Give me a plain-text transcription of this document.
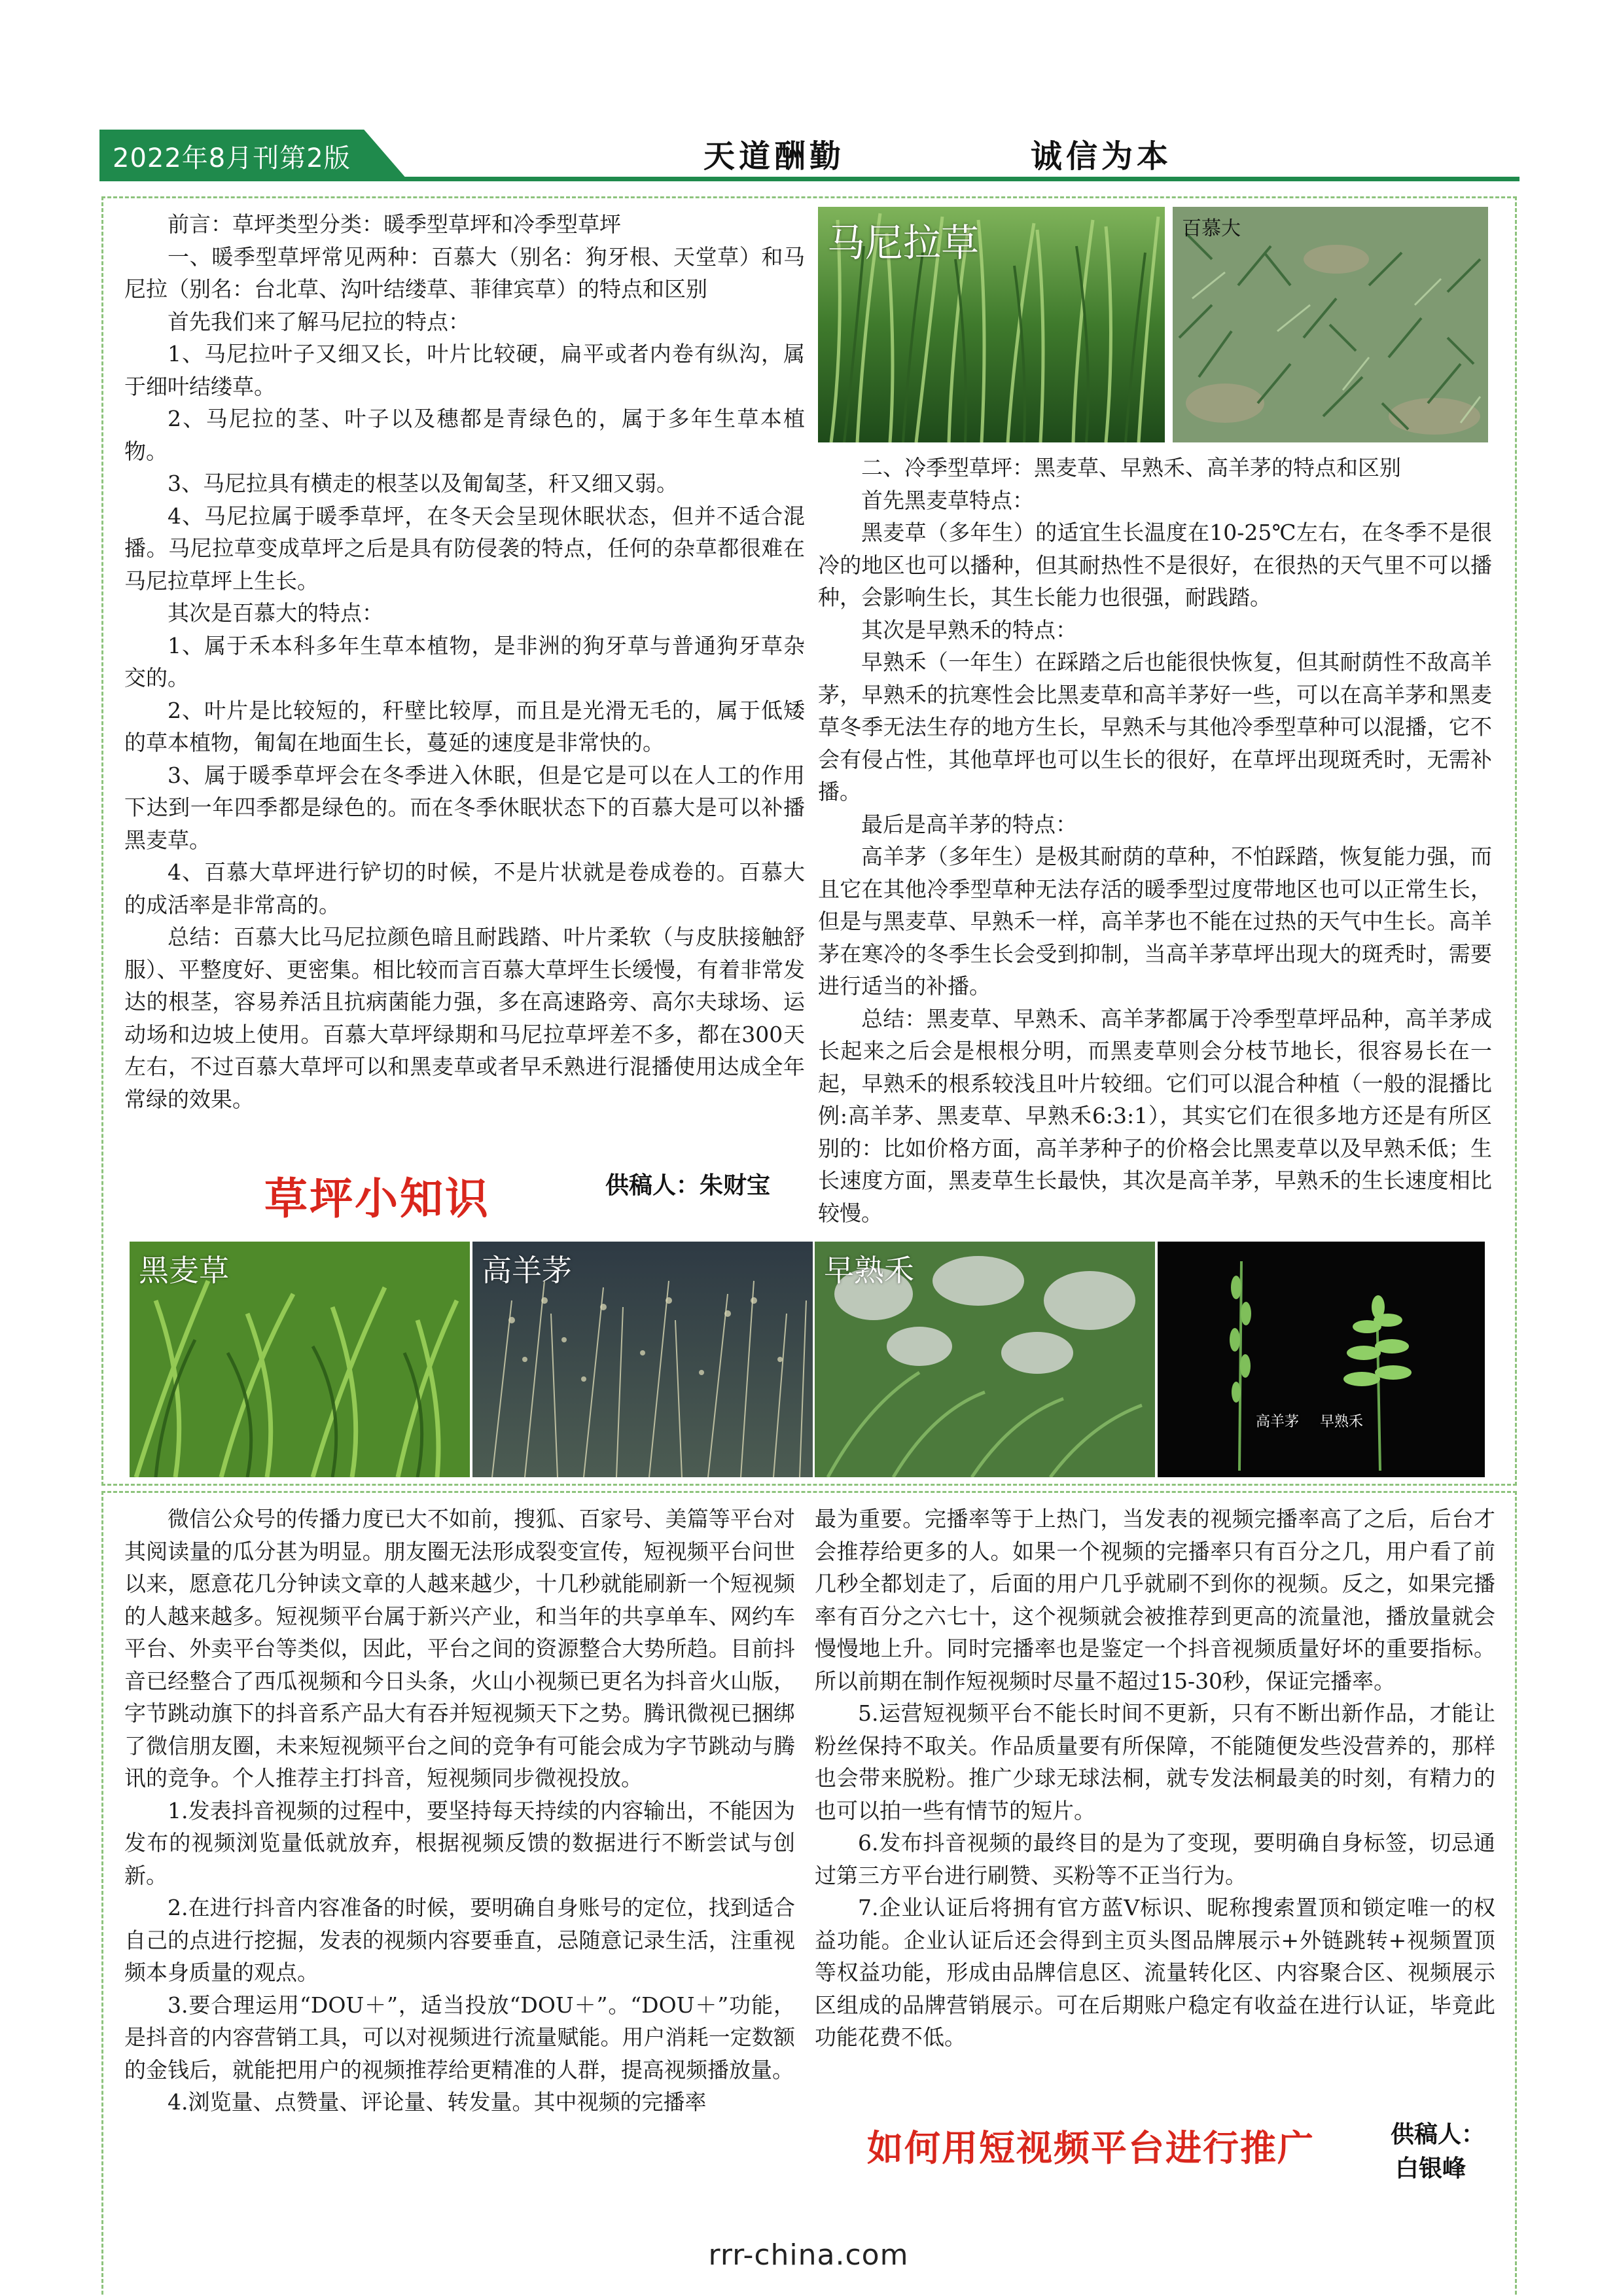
2022年8月刊第2版	天道酬勤	诚信为本

前言：草坪类型分类：暖季型草坪和冷季型草坪

一、暖季型草坪常见两种：百慕大（别名：狗牙根、天堂草）和马尼拉（别名：台北草、沟叶结缕草、菲律宾草）的特点和区别

首先我们来了解马尼拉的特点：

1、马尼拉叶子又细又长，叶片比较硬，扁平或者内卷有纵沟，属于细叶结缕草。

2、马尼拉的茎、叶子以及穗都是青绿色的，属于多年生草本植物。

3、马尼拉具有横走的根茎以及匍匐茎，秆又细又弱。

4、马尼拉属于暖季草坪，在冬天会呈现休眠状态，但并不适合混播。马尼拉草变成草坪之后是具有防侵袭的特点，任何的杂草都很难在马尼拉草坪上生长。

其次是百慕大的特点：

1、属于禾本科多年生草本植物，是非洲的狗牙草与普通狗牙草杂交的。

2、叶片是比较短的，秆壁比较厚，而且是光滑无毛的，属于低矮的草本植物，匍匐在地面生长，蔓延的速度是非常快的。

3、属于暖季草坪会在冬季进入休眠，但是它是可以在人工的作用下达到一年四季都是绿色的。而在冬季休眠状态下的百慕大是可以补播黑麦草。

4、百慕大草坪进行铲切的时候，不是片状就是卷成卷的。百慕大的成活率是非常高的。

总结：百慕大比马尼拉颜色暗且耐践踏、叶片柔软（与皮肤接触舒服）、平整度好、更密集。相比较而言百慕大草坪生长缓慢，有着非常发达的根茎，容易养活且抗病菌能力强，多在高速路旁、高尔夫球场、运动场和边坡上使用。百慕大草坪绿期和马尼拉草坪差不多，都在300天左右，不过百慕大草坪可以和黑麦草或者早禾熟进行混播使用达成全年常绿的效果。

马尼拉草	百慕大

二、冷季型草坪：黑麦草、早熟禾、高羊茅的特点和区别

首先黑麦草特点：

黑麦草（多年生）的适宜生长温度在10-25℃左右，在冬季不是很冷的地区也可以播种，但其耐热性不是很好，在很热的天气里不可以播种，会影响生长，其生长能力也很强，耐践踏。

其次是早熟禾的特点：

早熟禾（一年生）在踩踏之后也能很快恢复，但其耐荫性不敌高羊茅，早熟禾的抗寒性会比黑麦草和高羊茅好一些，可以在高羊茅和黑麦草冬季无法生存的地方生长，早熟禾与其他冷季型草种可以混播，它不会有侵占性，其他草坪也可以生长的很好，在草坪出现斑秃时，无需补播。

最后是高羊茅的特点：

高羊茅（多年生）是极其耐荫的草种，不怕踩踏，恢复能力强，而且它在其他冷季型草种无法存活的暖季型过度带地区也可以正常生长，但是与黑麦草、早熟禾一样，高羊茅也不能在过热的天气中生长。高羊茅在寒冷的冬季生长会受到抑制，当高羊茅草坪出现大的斑秃时，需要进行适当的补播。

总结：黑麦草、早熟禾、高羊茅都属于冷季型草坪品种，高羊茅成长起来之后会是根根分明，而黑麦草则会分枝节地长，很容易长在一起，早熟禾的根系较浅且叶片较细。它们可以混合种植（一般的混播比例:高羊茅、黑麦草、早熟禾6:3:1），其实它们在很多地方还是有所区别的：比如价格方面，高羊茅种子的价格会比黑麦草以及早熟禾低；生长速度方面，黑麦草生长最快，其次是高羊茅，早熟禾的生长速度相比较慢。

草坪小知识	供稿人：朱财宝
黑麦草	高羊茅	早熟禾
高羊茅 早熟禾

微信公众号的传播力度已大不如前，搜狐、百家号、美篇等平台对其阅读量的瓜分甚为明显。朋友圈无法形成裂变宣传，短视频平台问世以来，愿意花几分钟读文章的人越来越少，十几秒就能刷新一个短视频的人越来越多。短视频平台属于新兴产业，和当年的共享单车、网约车平台、外卖平台等类似，因此，平台之间的资源整合大势所趋。目前抖音已经整合了西瓜视频和今日头条，火山小视频已更名为抖音火山版，字节跳动旗下的抖音系产品大有吞并短视频天下之势。腾讯微视已捆绑了微信朋友圈，未来短视频平台之间的竞争有可能会成为字节跳动与腾讯的竞争。个人推荐主打抖音，短视频同步微视投放。

1.发表抖音视频的过程中，要坚持每天持续的内容输出，不能因为发布的视频浏览量低就放弃，根据视频反馈的数据进行不断尝试与创新。

2.在进行抖音内容准备的时候，要明确自身账号的定位，找到适合自己的点进行挖掘，发表的视频内容要垂直，忌随意记录生活，注重视频本身质量的观点。

3.要合理运用“DOU＋”，适当投放“DOU＋”。“DOU＋”功能，是抖音的内容营销工具，可以对视频进行流量赋能。用户消耗一定数额的金钱后，就能把用户的视频推荐给更精准的人群，提高视频播放量。

4.浏览量、点赞量、评论量、转发量。其中视频的完播率

最为重要。完播率等于上热门，当发表的视频完播率高了之后，后台才会推荐给更多的人。如果一个视频的完播率只有百分之几，用户看了前几秒全都划走了，后面的用户几乎就刷不到你的视频。反之，如果完播率有百分之六七十，这个视频就会被推荐到更高的流量池，播放量就会慢慢地上升。同时完播率也是鉴定一个抖音视频质量好坏的重要指标。所以前期在制作短视频时尽量不超过15-30秒，保证完播率。

5.运营短视频平台不能长时间不更新，只有不断出新作品，才能让粉丝保持不取关。作品质量要有所保障，不能随便发些没营养的，那样也会带来脱粉。推广少球无球法桐，就专发法桐最美的时刻，有精力的也可以拍一些有情节的短片。

6.发布抖音视频的最终目的是为了变现，要明确自身标签，切忌通过第三方平台进行刷赞、买粉等不正当行为。

7.企业认证后将拥有官方蓝V标识、昵称搜索置顶和锁定唯一的权益功能。企业认证后还会得到主页头图品牌展示+外链跳转+视频置顶等权益功能，形成由品牌信息区、流量转化区、内容聚合区、视频展示区组成的品牌营销展示。可在后期账户稳定有收益在进行认证，毕竟此功能花费不低。

如何用短视频平台进行推广	供稿人：
白银峰
rrr-china.com
